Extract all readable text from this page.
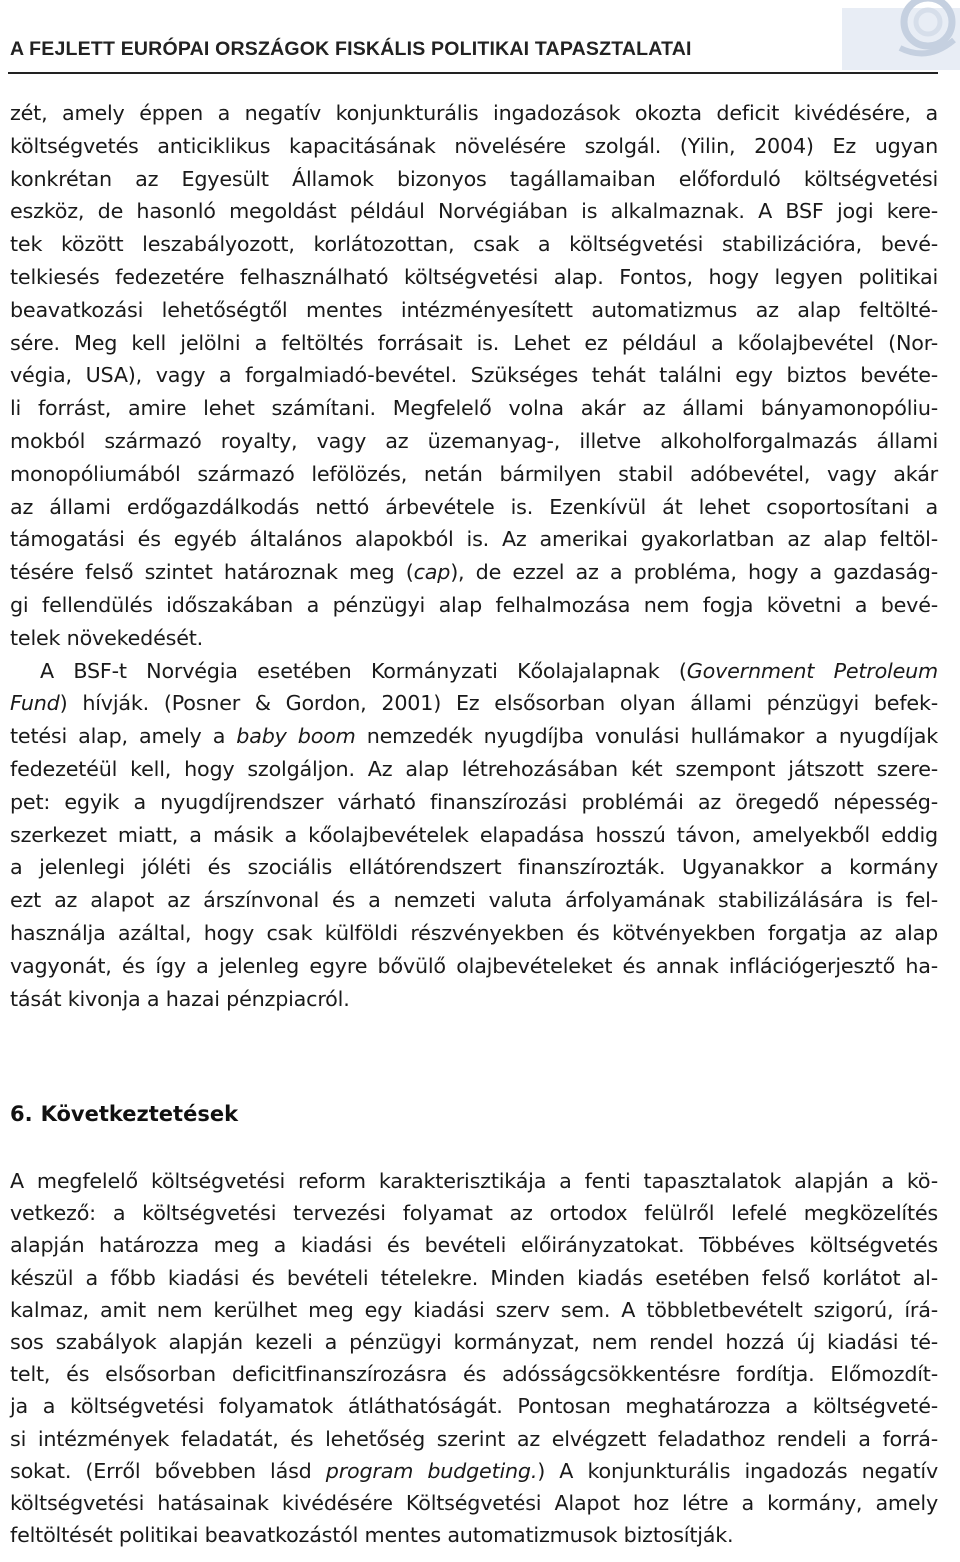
A FEJLETT EURÓPAI ORSZÁGOK FISKÁLIS POLITIKAI TAPASZTALATAI
zét, amely éppen a negatív konjunkturális ingadozások okozta deficit kivédésére, a
költségvetés anticiklikus kapacitásának növelésére szolgál. (Yilin, 2004) Ez ugyan
konkrétan az Egyesült Államok bizonyos tagállamaiban előforduló költségvetési
eszköz, de hasonló megoldást például Norvégiában is alkalmaznak. A BSF jogi kere-
tek között leszabályozott, korlátozottan, csak a költségvetési stabilizációra, bevé-
telkiesés fedezetére felhasználható költségvetési alap. Fontos, hogy legyen politikai
beavatkozási lehetőségtől mentes intézményesített automatizmus az alap feltölté-
sére. Meg kell jelölni a feltöltés forrásait is. Lehet ez például a kőolajbevétel (Nor-
végia, USA), vagy a forgalmiadó-bevétel. Szükséges tehát találni egy biztos bevéte-
li forrást, amire lehet számítani. Megfelelő volna akár az állami bányamonopóliu-
mokból származó royalty, vagy az üzemanyag-, illetve alkoholforgalmazás állami
monopóliumából származó lefölözés, netán bármilyen stabil adóbevétel, vagy akár
az állami erdőgazdálkodás nettó árbevétele is. Ezenkívül át lehet csoportosítani a
támogatási és egyéb általános alapokból is. Az amerikai gyakorlatban az alap feltöl-
tésére felső szintet határoznak meg (cap), de ezzel az a probléma, hogy a gazdaság-
gi fellendülés időszakában a pénzügyi alap felhalmozása nem fogja követni a bevé-
telek növekedését.
A BSF-t Norvégia esetében Kormányzati Kőolajalapnak (Government Petroleum
Fund) hívják. (Posner & Gordon, 2001) Ez elsősorban olyan állami pénzügyi befek-
tetési alap, amely a baby boom nemzedék nyugdíjba vonulási hullámakor a nyugdíjak
fedezetéül kell, hogy szolgáljon. Az alap létrehozásában két szempont játszott szere-
pet: egyik a nyugdíjrendszer várható finanszírozási problémái az öregedő népesség-
szerkezet miatt, a másik a kőolajbevételek elapadása hosszú távon, amelyekből eddig
a jelenlegi jóléti és szociális ellátórendszert finanszírozták. Ugyanakkor a kormány
ezt az alapot az árszínvonal és a nemzeti valuta árfolyamának stabilizálására is fel-
használja azáltal, hogy csak külföldi részvényekben és kötvényekben forgatja az alap
vagyonát, és így a jelenleg egyre bővülő olajbevételeket és annak inflációgerjesztő ha-
tását kivonja a hazai pénzpiacról.
6. Következtetések
A megfelelő költségvetési reform karakterisztikája a fenti tapasztalatok alapján a kö-
vetkező: a költségvetési tervezési folyamat az ortodox felülről lefelé megközelítés
alapján határozza meg a kiadási és bevételi előirányzatokat. Többéves költségvetés
készül a főbb kiadási és bevételi tételekre. Minden kiadás esetében felső korlátot al-
kalmaz, amit nem kerülhet meg egy kiadási szerv sem. A többletbevételt szigorú, írá-
sos szabályok alapján kezeli a pénzügyi kormányzat, nem rendel hozzá új kiadási té-
telt, és elsősorban deficitfinanszírozásra és adósságcsökkentésre fordítja. Előmozdít-
ja a költségvetési folyamatok átláthatóságát. Pontosan meghatározza a költségveté-
si intézmények feladatát, és lehetőség szerint az elvégzett feladathoz rendeli a forrá-
sokat. (Erről bővebben lásd program budgeting.) A konjunkturális ingadozás negatív
költségvetési hatásainak kivédésére Költségvetési Alapot hoz létre a kormány, amely
feltöltését politikai beavatkozástól mentes automatizmusok biztosítják.
